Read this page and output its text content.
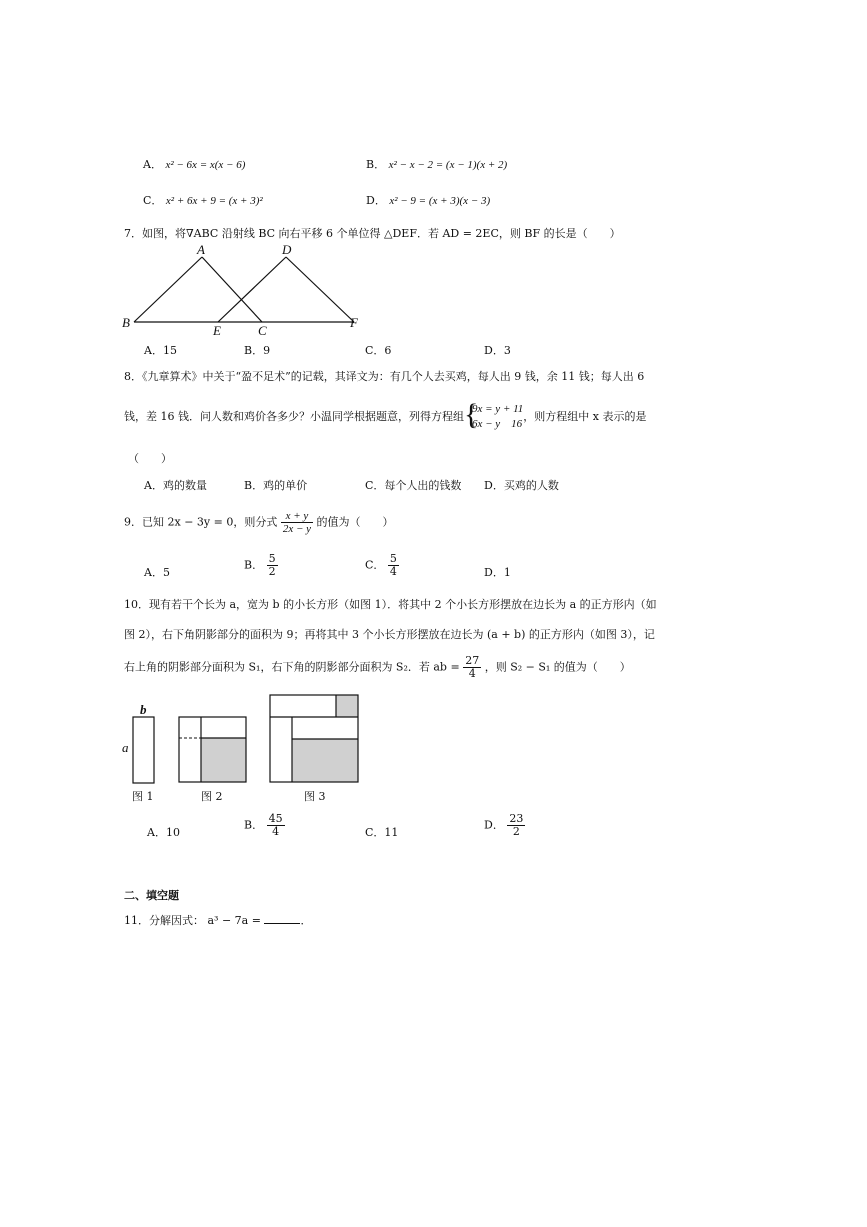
A． x² − 6x = x(x − 6)	B． x² − x − 2 = (x − 1)(x + 2)
C． x² + 6x + 9 = (x + 3)²	D． x² − 9 = (x + 3)(x − 3)
7．如图，将∇ABC 沿射线 BC 向右平移 6 个单位得 △DEF．若 AD = 2EC，则 BF 的长是（　　）
A	D
B
E	C
F
A．15	B．9	C．6	D．3
8．《九章算术》中关于“盈不足术”的记载，其译文为：有几个人去买鸡，每人出 9 钱，余 11 钱；每人出 6
钱，差 16 钱．问人数和鸡价各多少？小温同学根据题意，列得方程组 {
9x = y + 11
6x − y　16
，则方程组中 x 表示的是
（　　）
A．鸡的数量	B．鸡的单价	C．每个人出的钱数 D．买鸡的人数
9．已知 2x − 3y = 0，则分式 $\frac{x + y}{2x - y}$ 的值为（　　）
A．5
B． $\frac{5}{2}$	C． $\frac{5}{4}$	D．1
10．现有若干个长为 a，宽为 b 的小长方形（如图 1）．将其中 2 个小长方形摆放在边长为 a 的正方形内（如
图 2），右下角阴影部分的面积为 9；再将其中 3 个小长方形摆放在边长为 (a + b) 的正方形内（如图 3），记
右上角的阴影部分面积为 S₁，右下角的阴影部分面积为 S₂．若 ab = $\frac{27}{4}$ ，则 S₂ − S₁ 的值为（　　）
b
a
图 1	图 2	图 3
A．10
B． $\frac{45}{4}$	C．11
D． $\frac{23}{2}$
二、填空题
11．分解因式： a³ − 7a =	．
